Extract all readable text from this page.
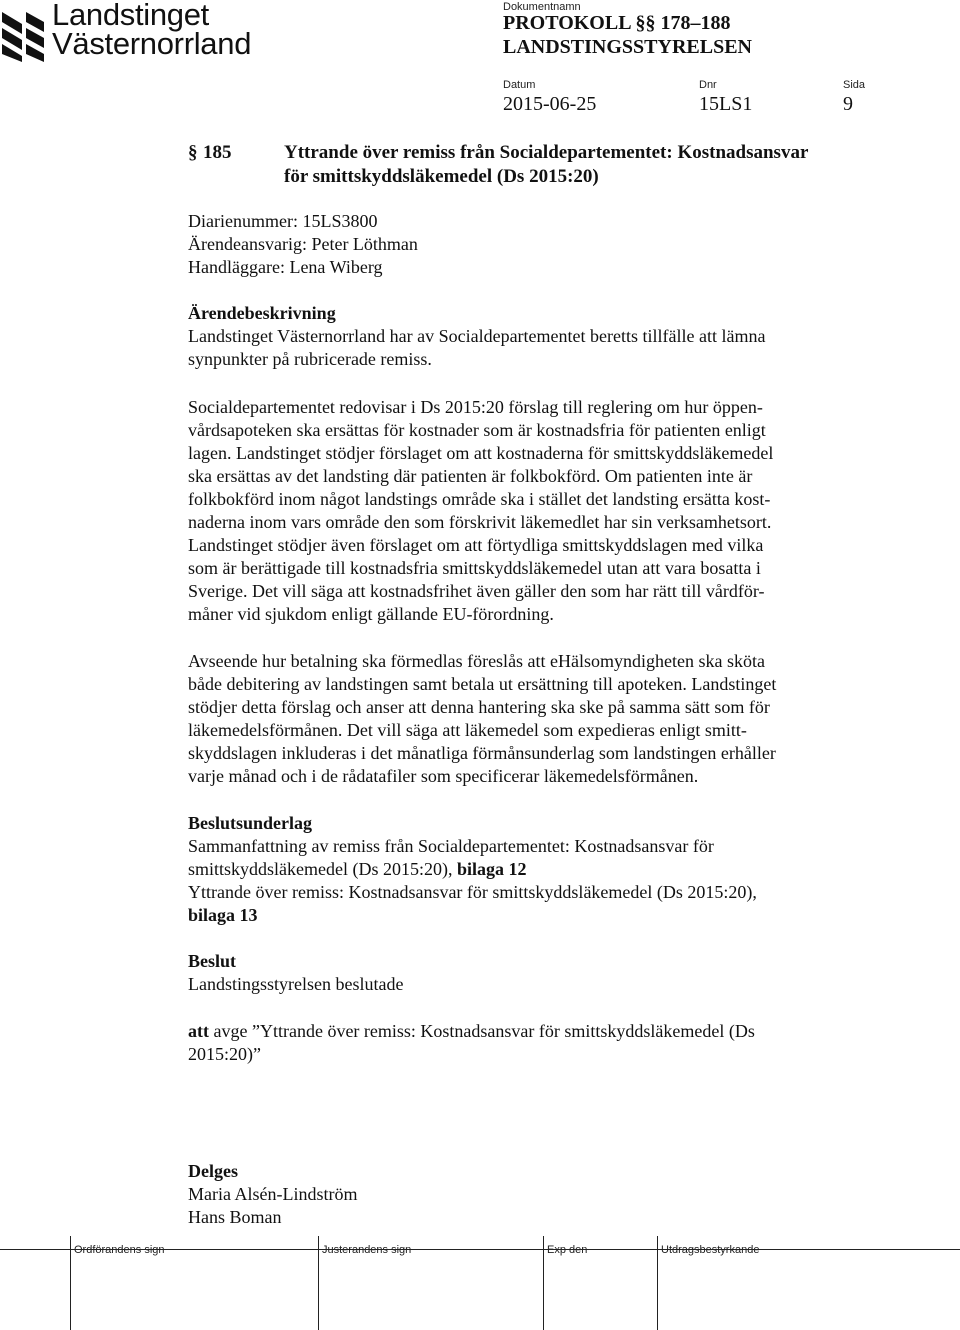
Landstinget
Västernorrland
Dokumentnamn
PROTOKOLL §§ 178–188
LANDSTINGSSTYRELSEN
Datum
2015-06-25
Dnr
15LS1
Sida
9
§ 185	Yttrande över remiss från Socialdepartementet: Kostnadsansvar
för smittskyddsläkemedel (Ds 2015:20)
Diarienummer: 15LS3800
Ärendeansvarig: Peter Löthman
Handläggare: Lena Wiberg
Ärendebeskrivning
Landstinget Västernorrland har av Socialdepartementet beretts tillfälle att lämna
synpunkter på rubricerade remiss.
Socialdepartementet redovisar i Ds 2015:20 förslag till reglering om hur öppen-
vårdsapoteken ska ersättas för kostnader som är kostnadsfria för patienten enligt
lagen. Landstinget stödjer förslaget om att kostnaderna för smittskyddsläkemedel
ska ersättas av det landsting där patienten är folkbokförd. Om patienten inte är
folkbokförd inom något landstings område ska i stället det landsting ersätta kost-
naderna inom vars område den som förskrivit läkemedlet har sin verksamhetsort.
Landstinget stödjer även förslaget om att förtydliga smittskyddslagen med vilka
som är berättigade till kostnadsfria smittskyddsläkemedel utan att vara bosatta i
Sverige. Det vill säga att kostnadsfrihet även gäller den som har rätt till vårdför-
måner vid sjukdom enligt gällande EU-förordning.
Avseende hur betalning ska förmedlas föreslås att eHälsomyndigheten ska sköta
både debitering av landstingen samt betala ut ersättning till apoteken. Landstinget
stödjer detta förslag och anser att denna hantering ska ske på samma sätt som för
läkemedelsförmånen. Det vill säga att läkemedel som expedieras enligt smitt-
skyddslagen inkluderas i det månatliga förmånsunderlag som landstingen erhåller
varje månad och i de rådatafiler som specificerar läkemedelsförmånen.
Beslutsunderlag
Sammanfattning av remiss från Socialdepartementet: Kostnadsansvar för
smittskyddsläkemedel (Ds 2015:20), bilaga 12
Yttrande över remiss: Kostnadsansvar för smittskyddsläkemedel (Ds 2015:20),
bilaga 13
Beslut
Landstingsstyrelsen beslutade
att avge ”Yttrande över remiss: Kostnadsansvar för smittskyddsläkemedel (Ds
2015:20)”
Delges
Maria Alsén-Lindström
Hans Boman
Ordförandens sign	Justerandens sign	Exp den	Utdragsbestyrkande
